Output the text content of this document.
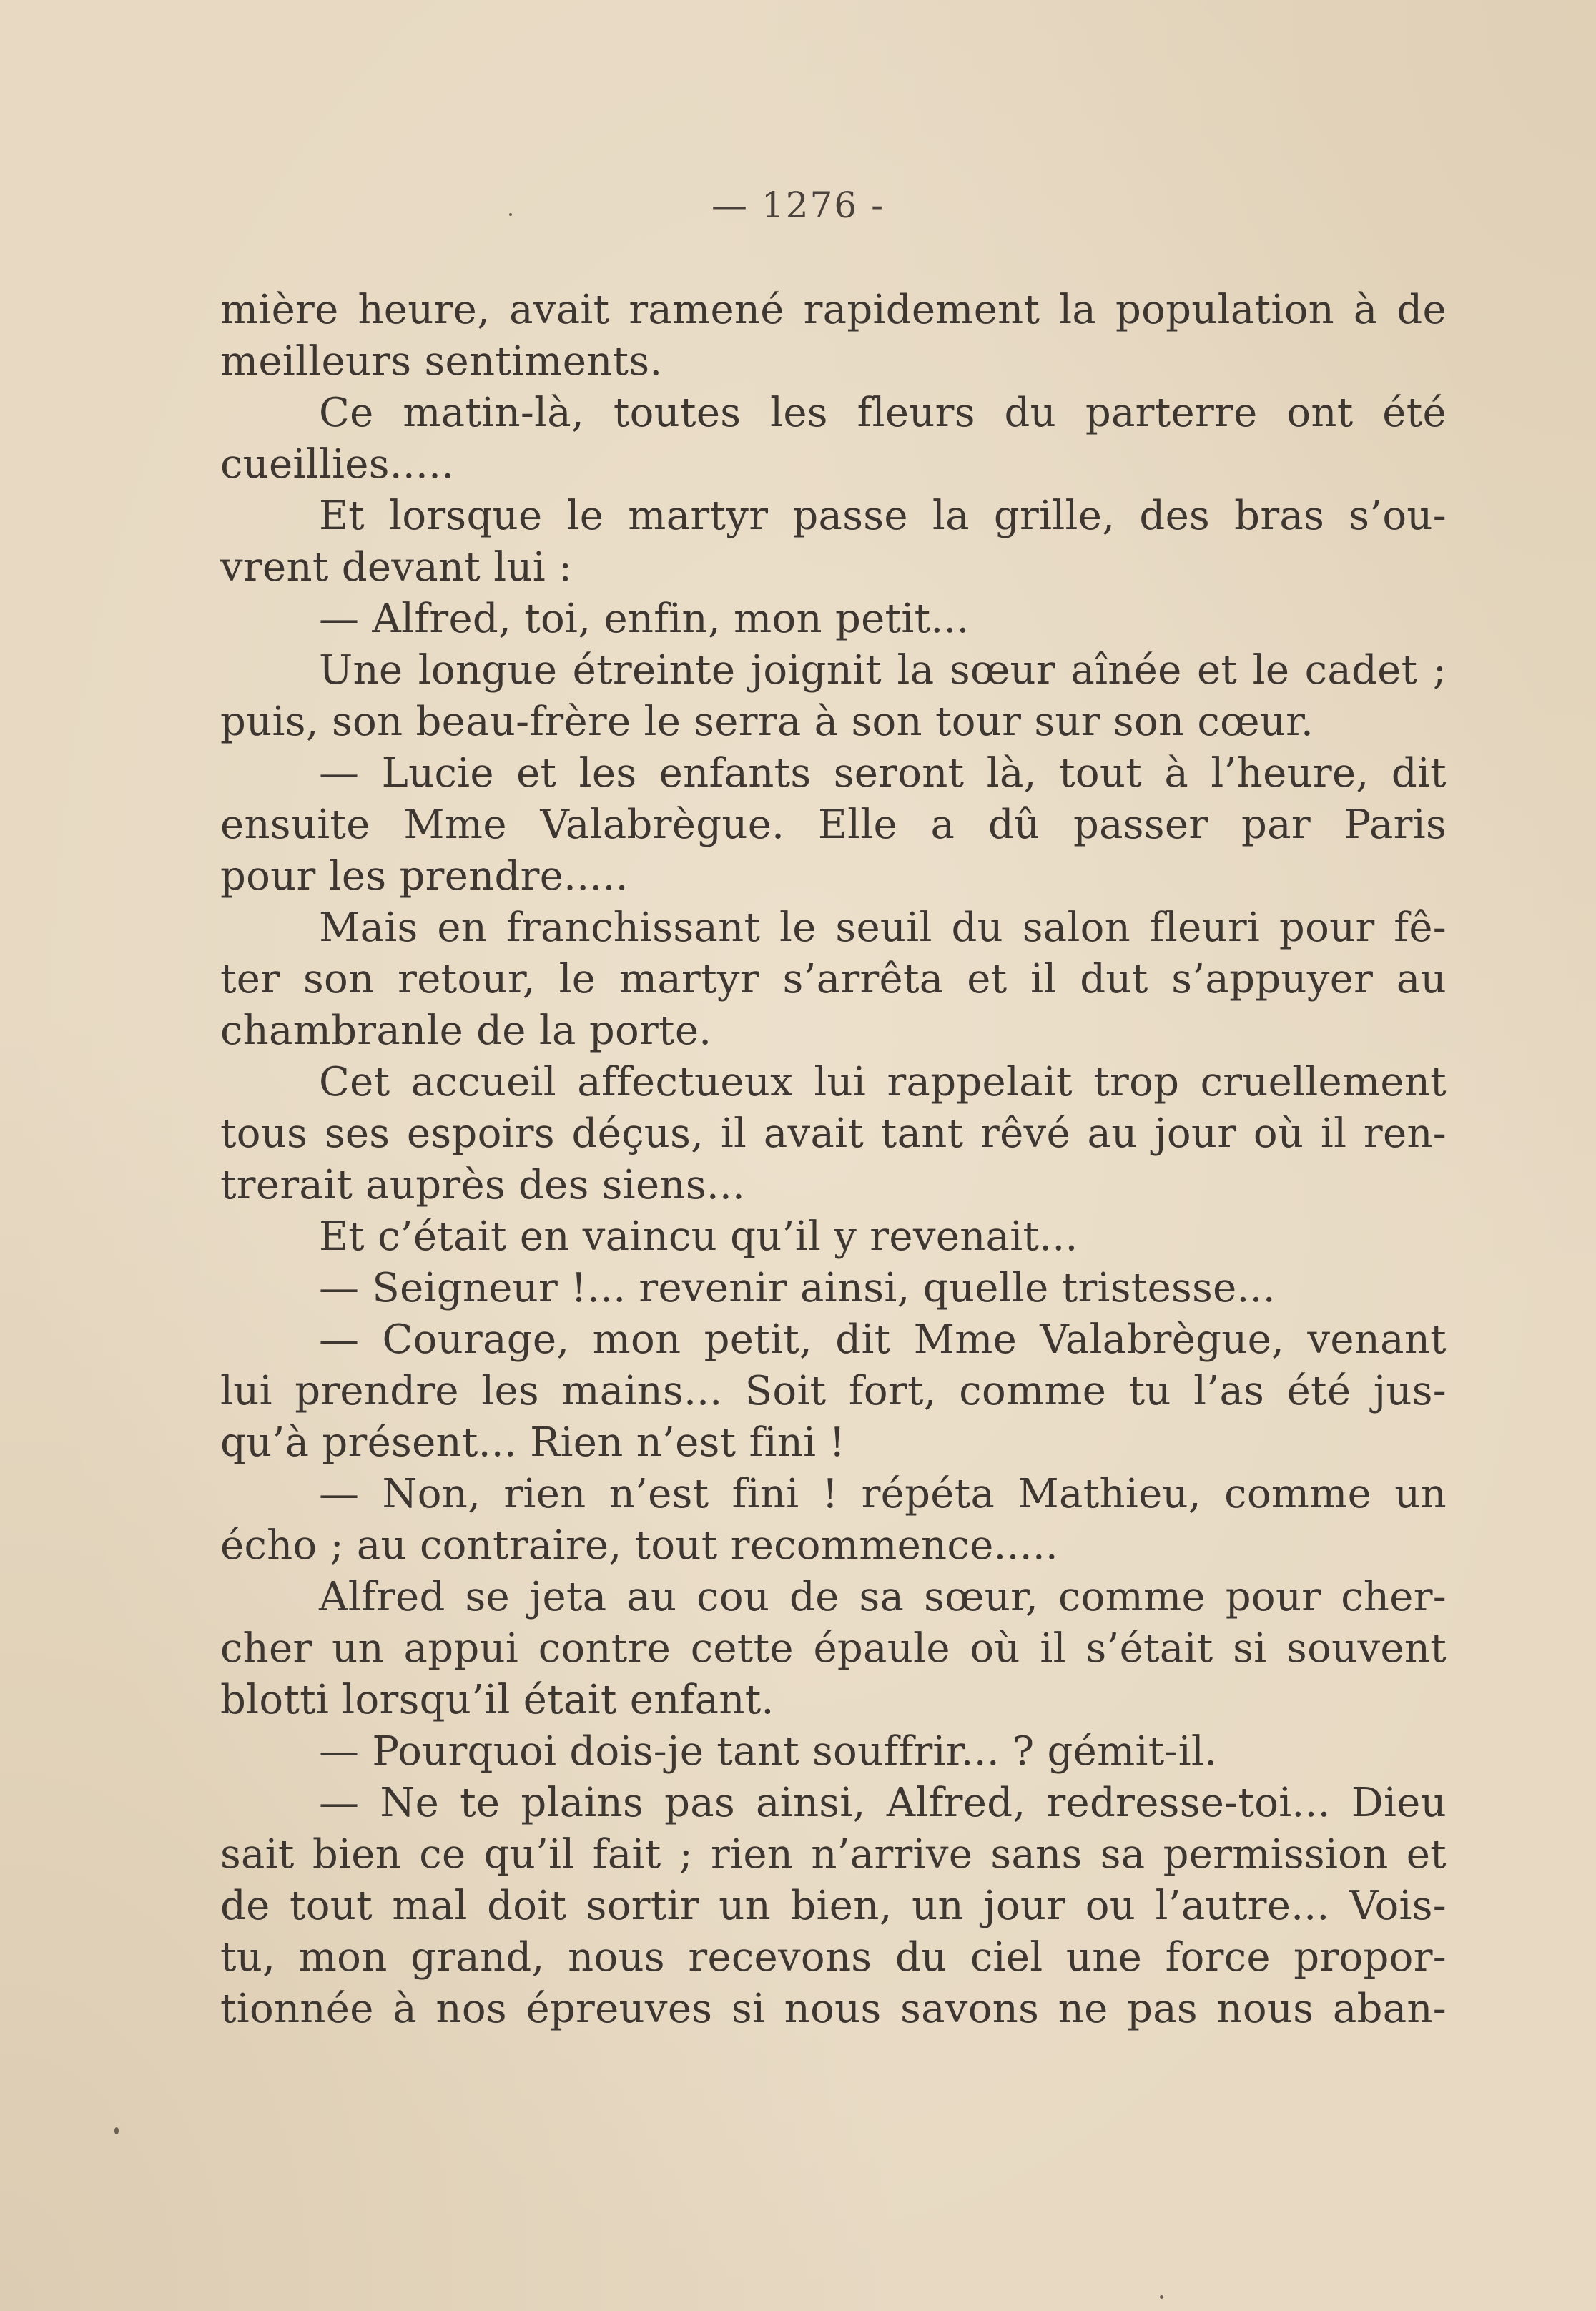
— 1276 -
mière heure, avait ramené rapidement la population à de
meilleurs sentiments.
Ce matin-là, toutes les fleurs du parterre ont été
cueillies.....
Et lorsque le martyr passe la grille, des bras s’ou-
vrent devant lui :
— Alfred, toi, enfin, mon petit...
Une longue étreinte joignit la sœur aînée et le cadet ;
puis, son beau-frère le serra à son tour sur son cœur.
— Lucie et les enfants seront là, tout à l’heure, dit
ensuite Mme Valabrègue. Elle a dû passer par Paris
pour les prendre.....
Mais en franchissant le seuil du salon fleuri pour fê-
ter son retour, le martyr s’arrêta et il dut s’appuyer au
chambranle de la porte.
Cet accueil affectueux lui rappelait trop cruellement
tous ses espoirs déçus, il avait tant rêvé au jour où il ren-
trerait auprès des siens...
Et c’était en vaincu qu’il y revenait...
— Seigneur !... revenir ainsi, quelle tristesse...
— Courage, mon petit, dit Mme Valabrègue, venant
lui prendre les mains... Soit fort, comme tu l’as été jus-
qu’à présent... Rien n’est fini !
— Non, rien n’est fini ! répéta Mathieu, comme un
écho ; au contraire, tout recommence.....
Alfred se jeta au cou de sa sœur, comme pour cher-
cher un appui contre cette épaule où il s’était si souvent
blotti lorsqu’il était enfant.
— Pourquoi dois-je tant souffrir... ? gémit-il.
— Ne te plains pas ainsi, Alfred, redresse-toi... Dieu
sait bien ce qu’il fait ; rien n’arrive sans sa permission et
de tout mal doit sortir un bien, un jour ou l’autre... Vois-
tu, mon grand, nous recevons du ciel une force propor-
tionnée à nos épreuves si nous savons ne pas nous aban-
